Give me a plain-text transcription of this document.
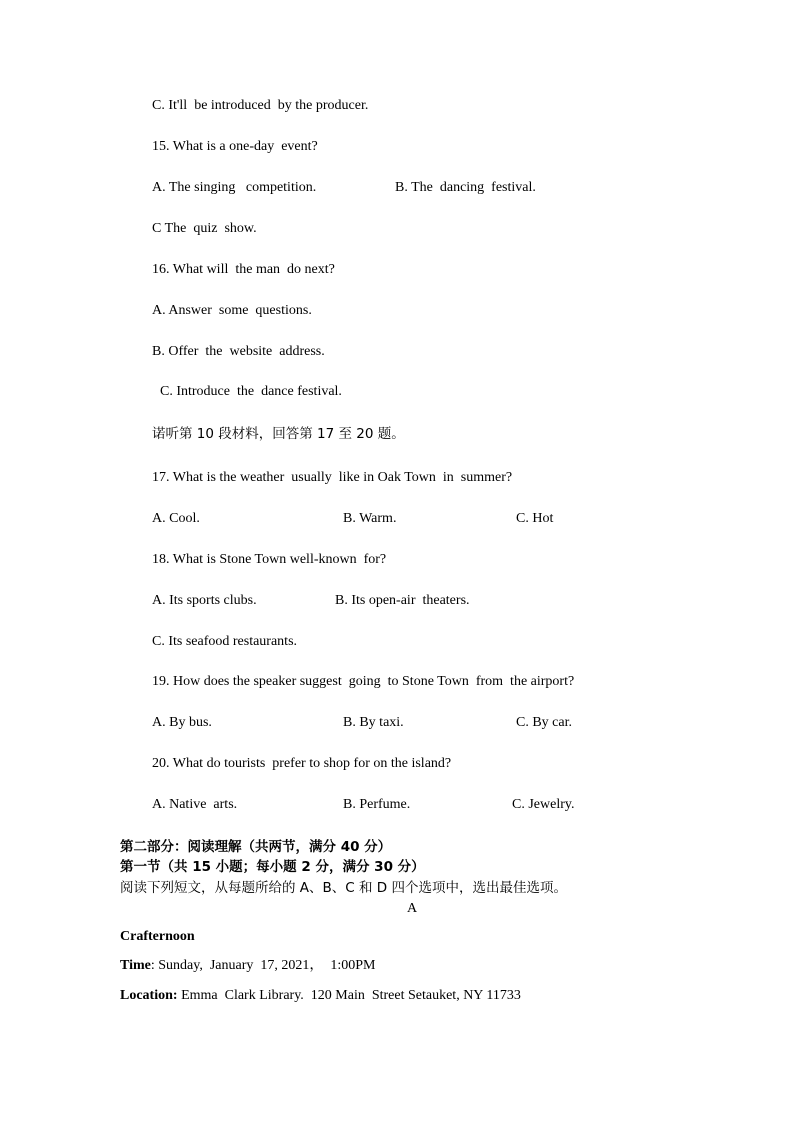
C. It'll  be introduced  by the producer.
15. What is a one-day  event?
A. The singing   competition.	B. The  dancing  festival.
C The  quiz  show.
16. What will  the man  do next?
A. Answer  some  questions.
B. Offer  the  website  address.
C. Introduce  the  dance festival.
诺听第 10 段材料，回答第 17 至 20 题。
17. What is the weather  usually  like in Oak Town  in  summer?
A. Cool.	B. Warm.	C. Hot
18. What is Stone Town well-known  for?
A. Its sports clubs.	B. Its open-air  theaters.
C. Its seafood restaurants.
19. How does the speaker suggest  going  to Stone Town  from  the airport?
A. By bus.	B. By taxi.	C. By car.
20. What do tourists  prefer to shop for on the island?
A. Native  arts.	B. Perfume.	C. Jewelry.
第二部分：阅读理解（共两节，满分 40 分）
第一节（共 15 小题；每小题 2 分，满分 30 分）
阅读下列短文，从每题所给的 A、B、C 和 D 四个选项中，选出最佳选项。
A
Crafternoon
Time: Sunday,  January  17, 2021，  1:00PM
Location: Emma  Clark Library.  120 Main  Street Setauket, NY 11733
